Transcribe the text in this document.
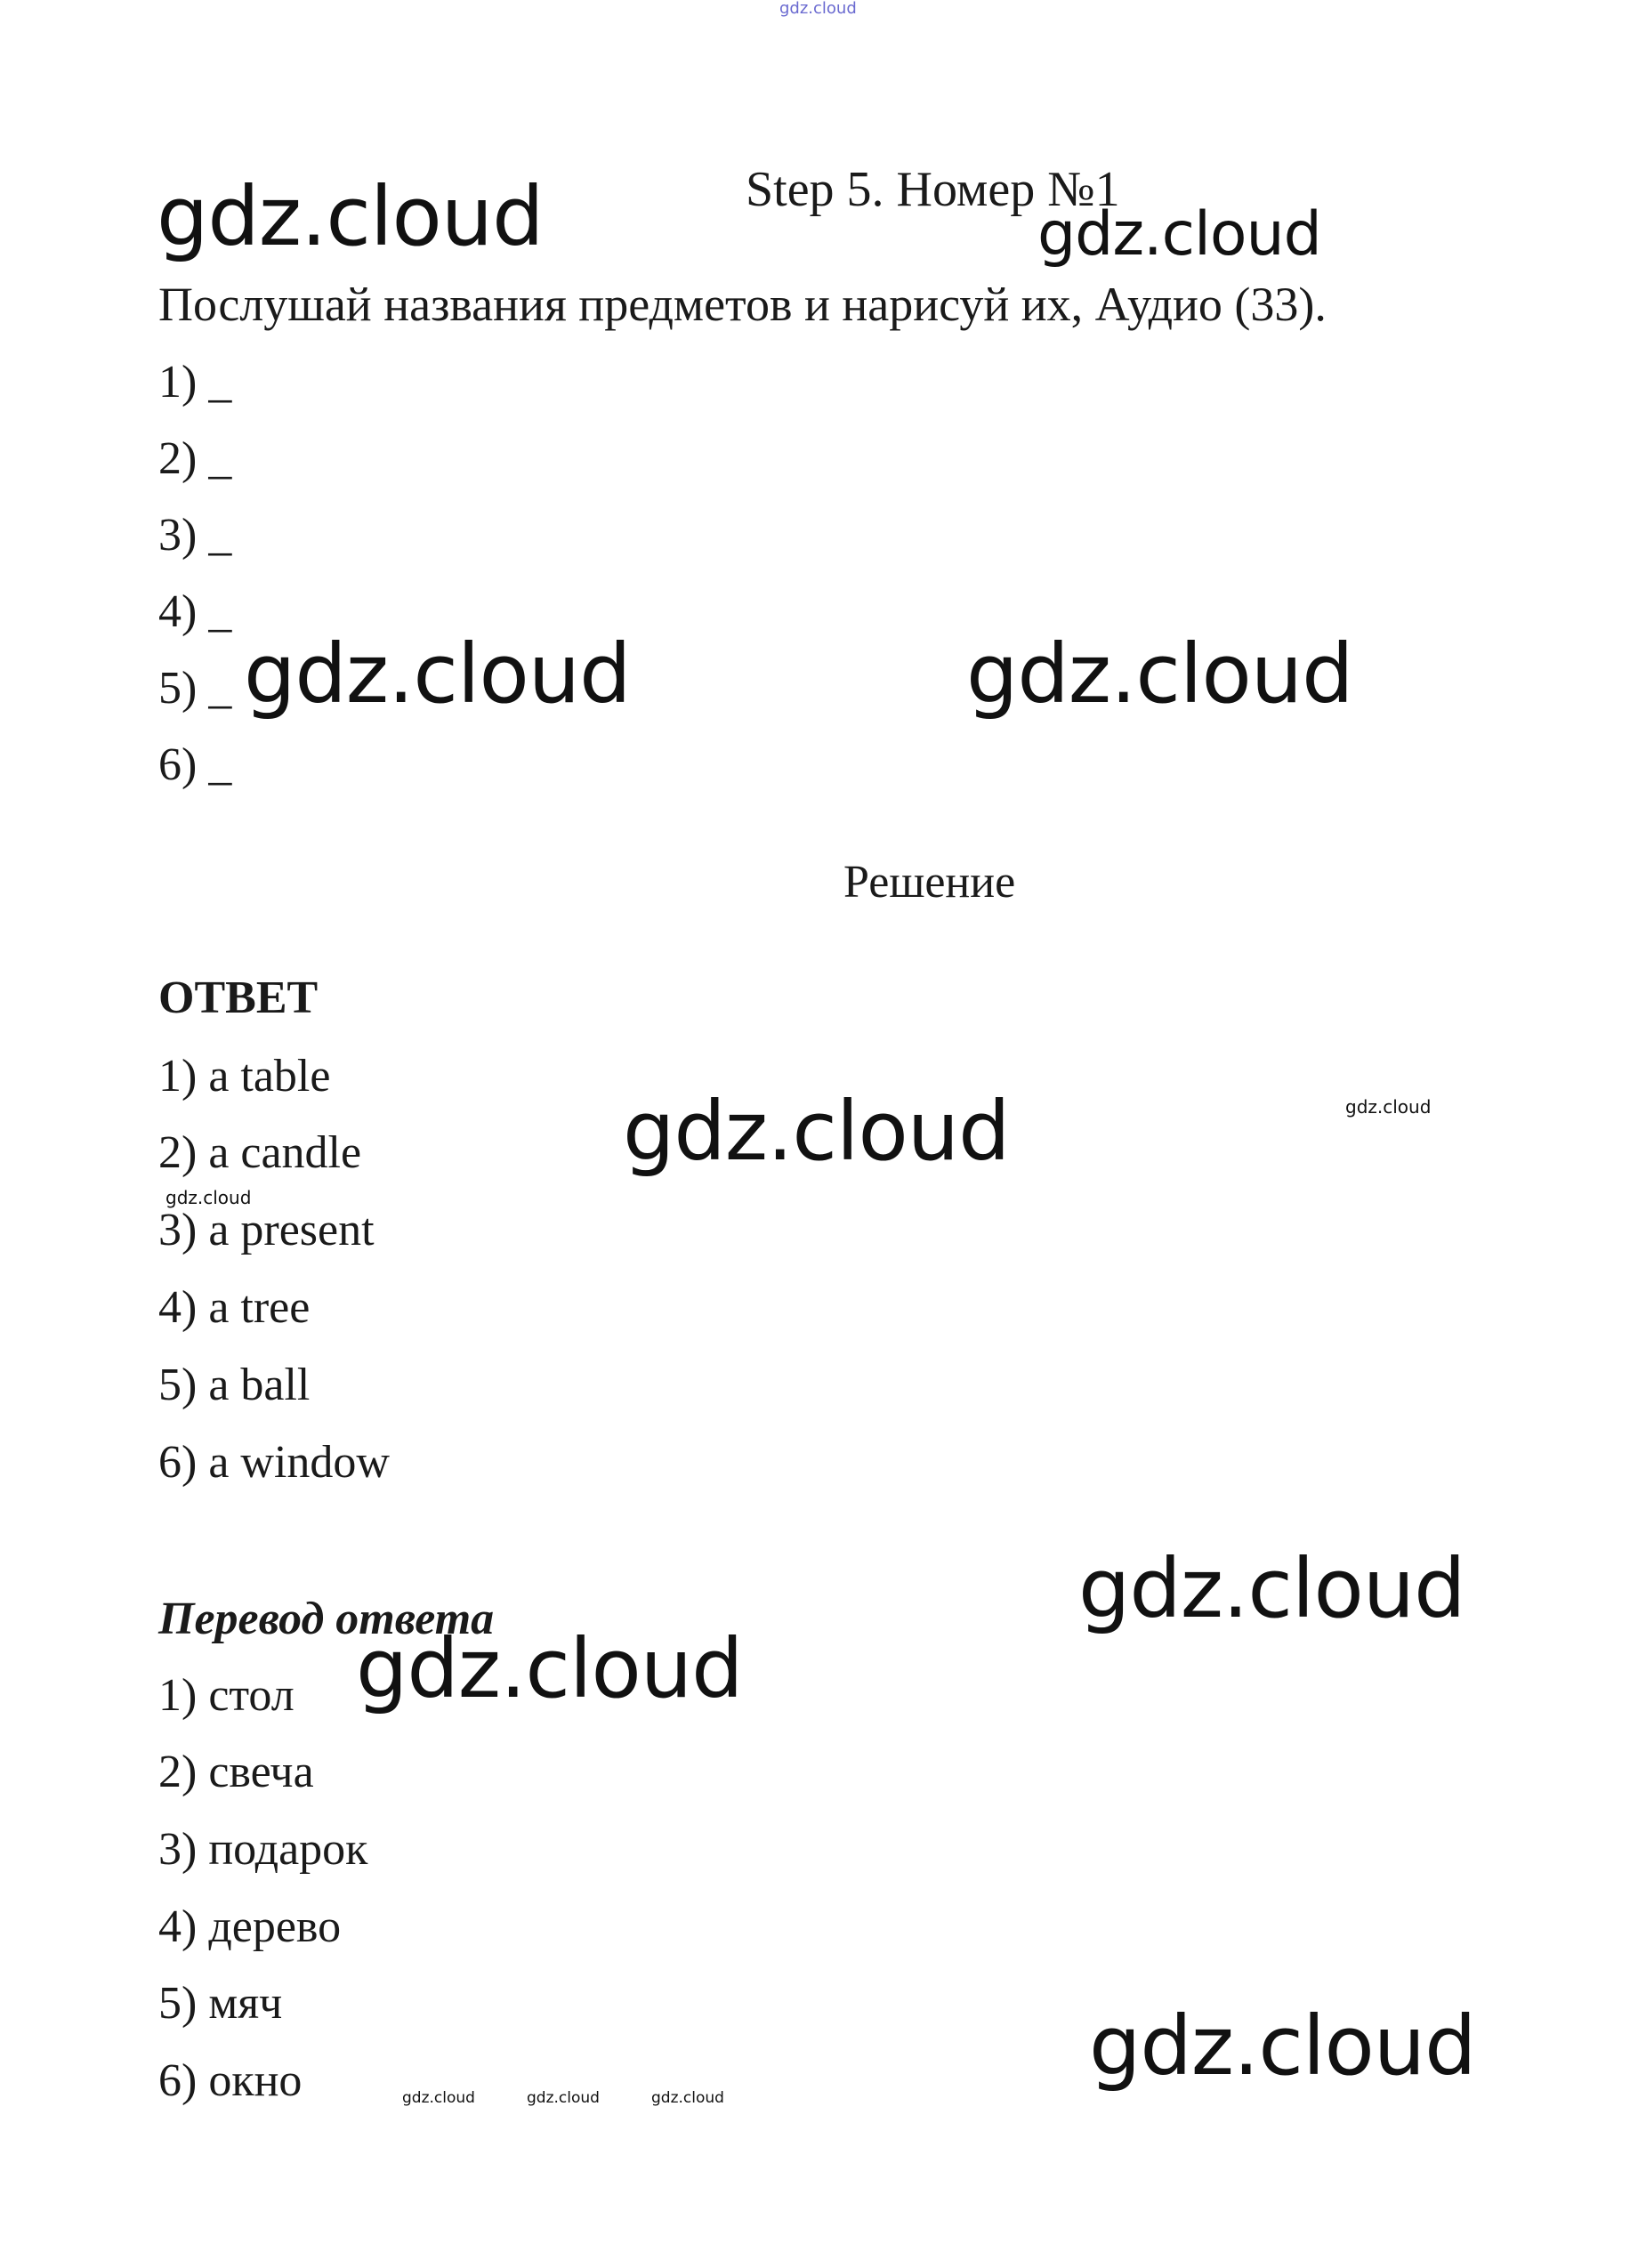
gdz.cloud
Step 5. Номер №1
gdz.cloud	gdz.cloud
Послушай названия предметов и нарисуй их, Аудио (33).
1) _
2) _
3) _
4) _
5) _
6) _
gdz.cloud	gdz.cloud
Решение
ОТВЕТ
1) a table
2) a candle
3) a present
4) a tree
5) a ball
6) a window
gdz.cloud	gdz.cloud
gdz.cloud
Перевод ответа
1) стол
2) свеча
3) подарок
4) дерево
5) мяч
6) окно
gdz.cloud
gdz.cloud
gdz.cloud
gdz.cloud	gdz.cloud	gdz.cloud
